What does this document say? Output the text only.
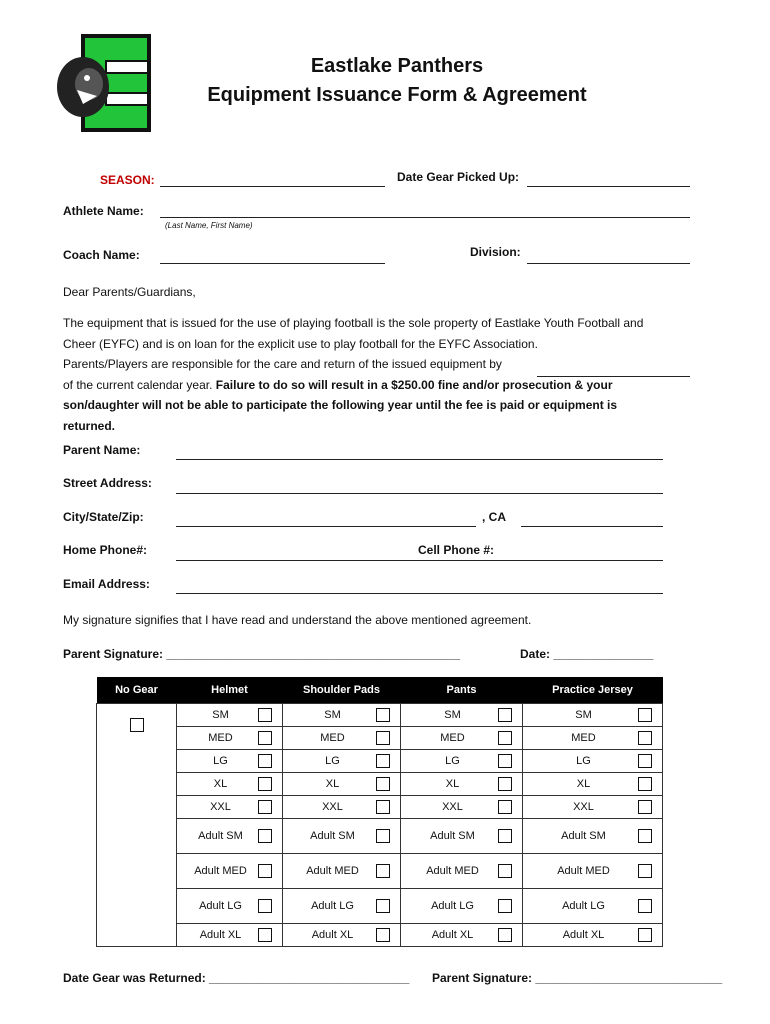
Eastlake Panthers
Equipment Issuance Form & Agreement
SEASON:	Date Gear Picked Up:
Athlete Name:
(Last Name, First Name)
Coach Name:	Division:
Dear Parents/Guardians,
The equipment that is issued for the use of playing football is the sole property of Eastlake Youth Football and
Cheer (EYFC) and is on loan for the explicit use to play football for the EYFC Association.
Parents/Players are responsible for the care and return of the issued equipment by
of the current calendar year. Failure to do so will result in a $250.00 fine and/or prosecution & your
son/daughter will not be able to participate the following year until the fee is paid or equipment is
returned.
Parent Name:
Street Address:
City/State/Zip:	, CA
Home Phone#:	Cell Phone #:
Email Address:
My signature signifies that I have read and understand the above mentioned agreement.
Parent Signature: ____________________________________________	Date: _______________
No Gear	Helmet	Shoulder Pads	Pants	Practice Jersey

	SM	SM	SM	SM

	MED	MED	MED	MED

	LG	LG	LG	LG

	XL	XL	XL	XL

	XXL	XXL	XXL	XXL

	Adult SM	Adult SM	Adult SM	Adult SM

	Adult MED	Adult MED	Adult MED	Adult MED

	Adult LG	Adult LG	Adult LG	Adult LG

	Adult XL	Adult XL	Adult XL	Adult XL
Date Gear was Returned: ______________________________ Parent Signature: ____________________________
